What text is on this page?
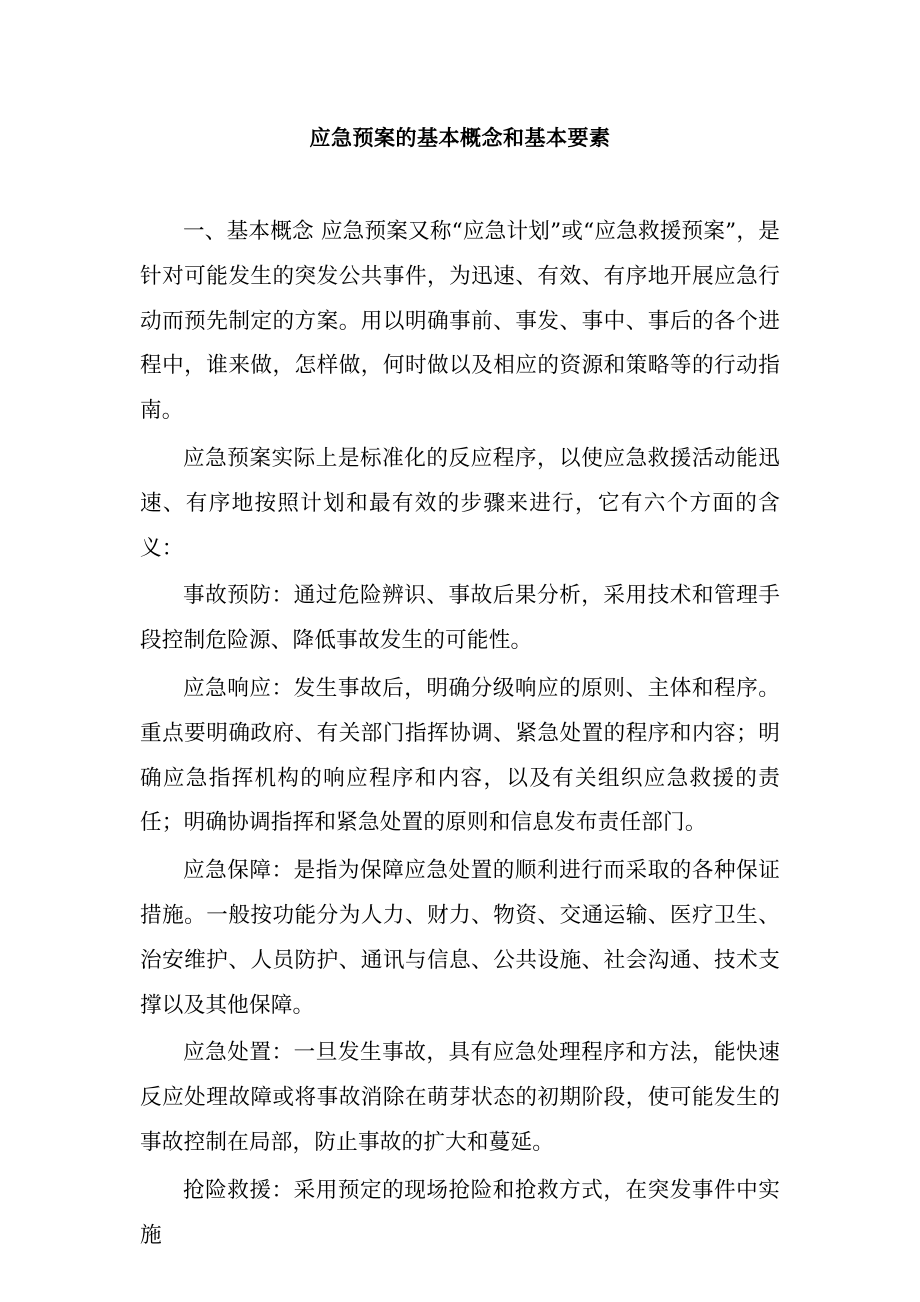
应急预案的基本概念和基本要素

一、基本概念 应急预案又称“应急计划”或“应急救援预案”，是针对可能发生的突发公共事件，为迅速、有效、有序地开展应急行动而预先制定的方案。用以明确事前、事发、事中、事后的各个进程中，谁来做，怎样做，何时做以及相应的资源和策略等的行动指南。

应急预案实际上是标准化的反应程序，以使应急救援活动能迅速、有序地按照计划和最有效的步骤来进行，它有六个方面的含义：

事故预防：通过危险辨识、事故后果分析，采用技术和管理手段控制危险源、降低事故发生的可能性。

应急响应：发生事故后，明确分级响应的原则、主体和程序。重点要明确政府、有关部门指挥协调、紧急处置的程序和内容；明确应急指挥机构的响应程序和内容，以及有关组织应急救援的责任；明确协调指挥和紧急处置的原则和信息发布责任部门。

应急保障：是指为保障应急处置的顺利进行而采取的各种保证措施。一般按功能分为人力、财力、物资、交通运输、医疗卫生、治安维护、人员防护、通讯与信息、公共设施、社会沟通、技术支撑以及其他保障。

应急处置：一旦发生事故，具有应急处理程序和方法，能快速反应处理故障或将事故消除在萌芽状态的初期阶段，使可能发生的事故控制在局部，防止事故的扩大和蔓延。

抢险救援：采用预定的现场抢险和抢救方式，在突发事件中实施
